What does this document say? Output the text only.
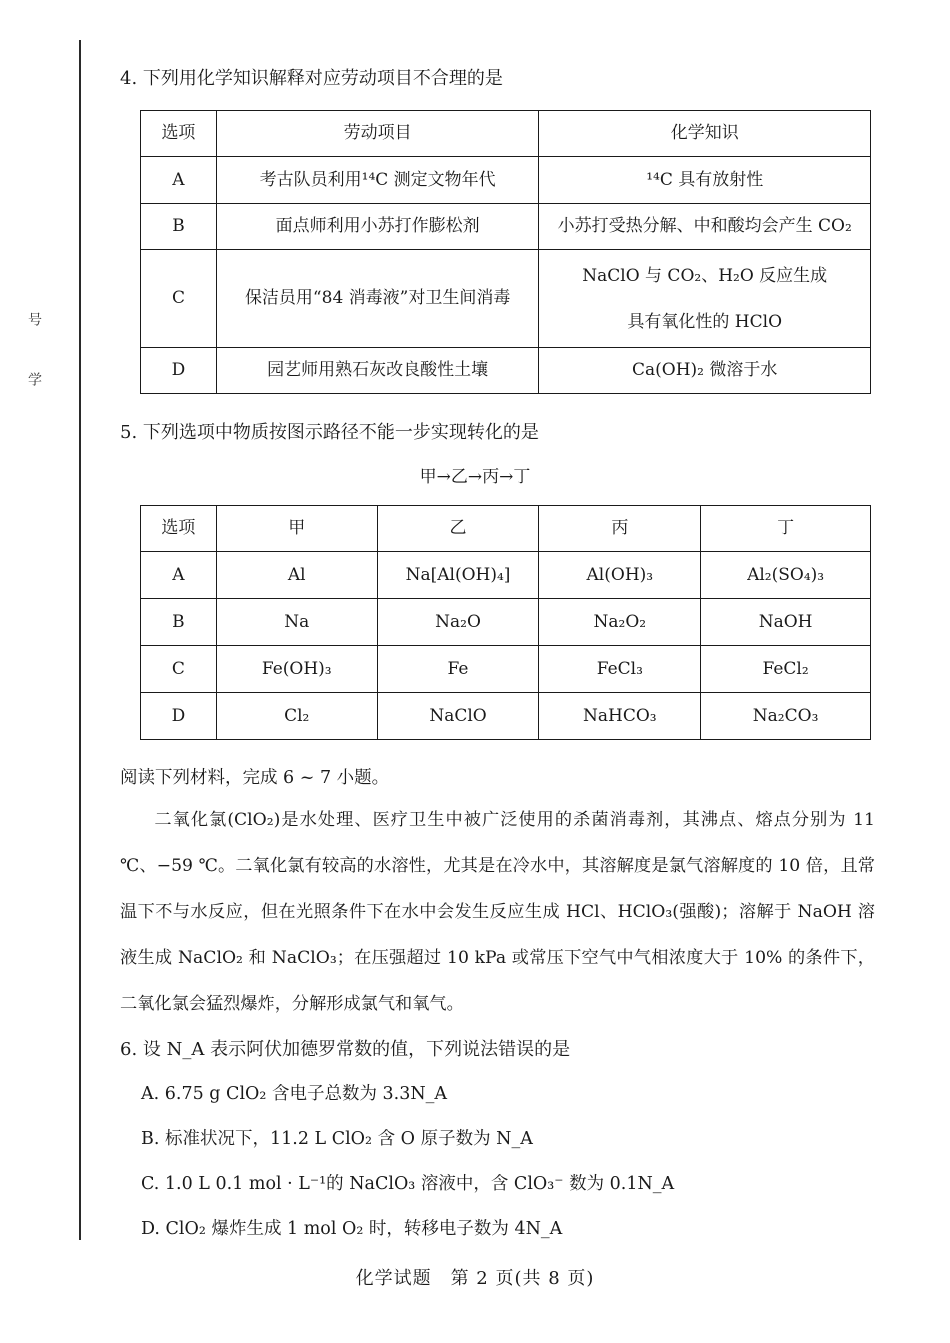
号
学
4. 下列用化学知识解释对应劳动项目不合理的是
选项	劳动项目	化学知识
A	考古队员利用¹⁴C 测定文物年代	¹⁴C 具有放射性
B	面点师利用小苏打作膨松剂	小苏打受热分解、中和酸均会产生 CO₂
C	保洁员用“84 消毒液”对卫生间消毒	NaClO 与 CO₂、H₂O 反应生成
具有氧化性的 HClO

D	园艺师用熟石灰改良酸性土壤	Ca(OH)₂ 微溶于水
5. 下列选项中物质按图示路径不能一步实现转化的是
甲→乙→丙→丁
选项	甲	乙	丙	丁
A	Al	Na[Al(OH)₄]	Al(OH)₃	Al₂(SO₄)₃
B	Na	Na₂O	Na₂O₂	NaOH
C	Fe(OH)₃	Fe	FeCl₃	FeCl₂
D	Cl₂	NaClO	NaHCO₃	Na₂CO₃
阅读下列材料，完成 6 ~ 7 小题。
二氧化氯(ClO₂)是水处理、医疗卫生中被广泛使用的杀菌消毒剂，其沸点、熔点分别为 11 ℃、−59 ℃。二氧化氯有较高的水溶性，尤其是在冷水中，其溶解度是氯气溶解度的 10 倍，且常温下不与水反应，但在光照条件下在水中会发生反应生成 HCl、HClO₃(强酸)；溶解于 NaOH 溶液生成 NaClO₂ 和 NaClO₃；在压强超过 10 kPa 或常压下空气中气相浓度大于 10% 的条件下，二氧化氯会猛烈爆炸，分解形成氯气和氧气。
6. 设 N_A 表示阿伏加德罗常数的值，下列说法错误的是
A. 6.75 g ClO₂ 含电子总数为 3.3N_A
B. 标准状况下，11.2 L ClO₂ 含 O 原子数为 N_A
C. 1.0 L 0.1 mol · L⁻¹的 NaClO₃ 溶液中，含 ClO₃⁻ 数为 0.1N_A
D. ClO₂ 爆炸生成 1 mol O₂ 时，转移电子数为 4N_A
化学试题　第 2 页(共 8 页)
